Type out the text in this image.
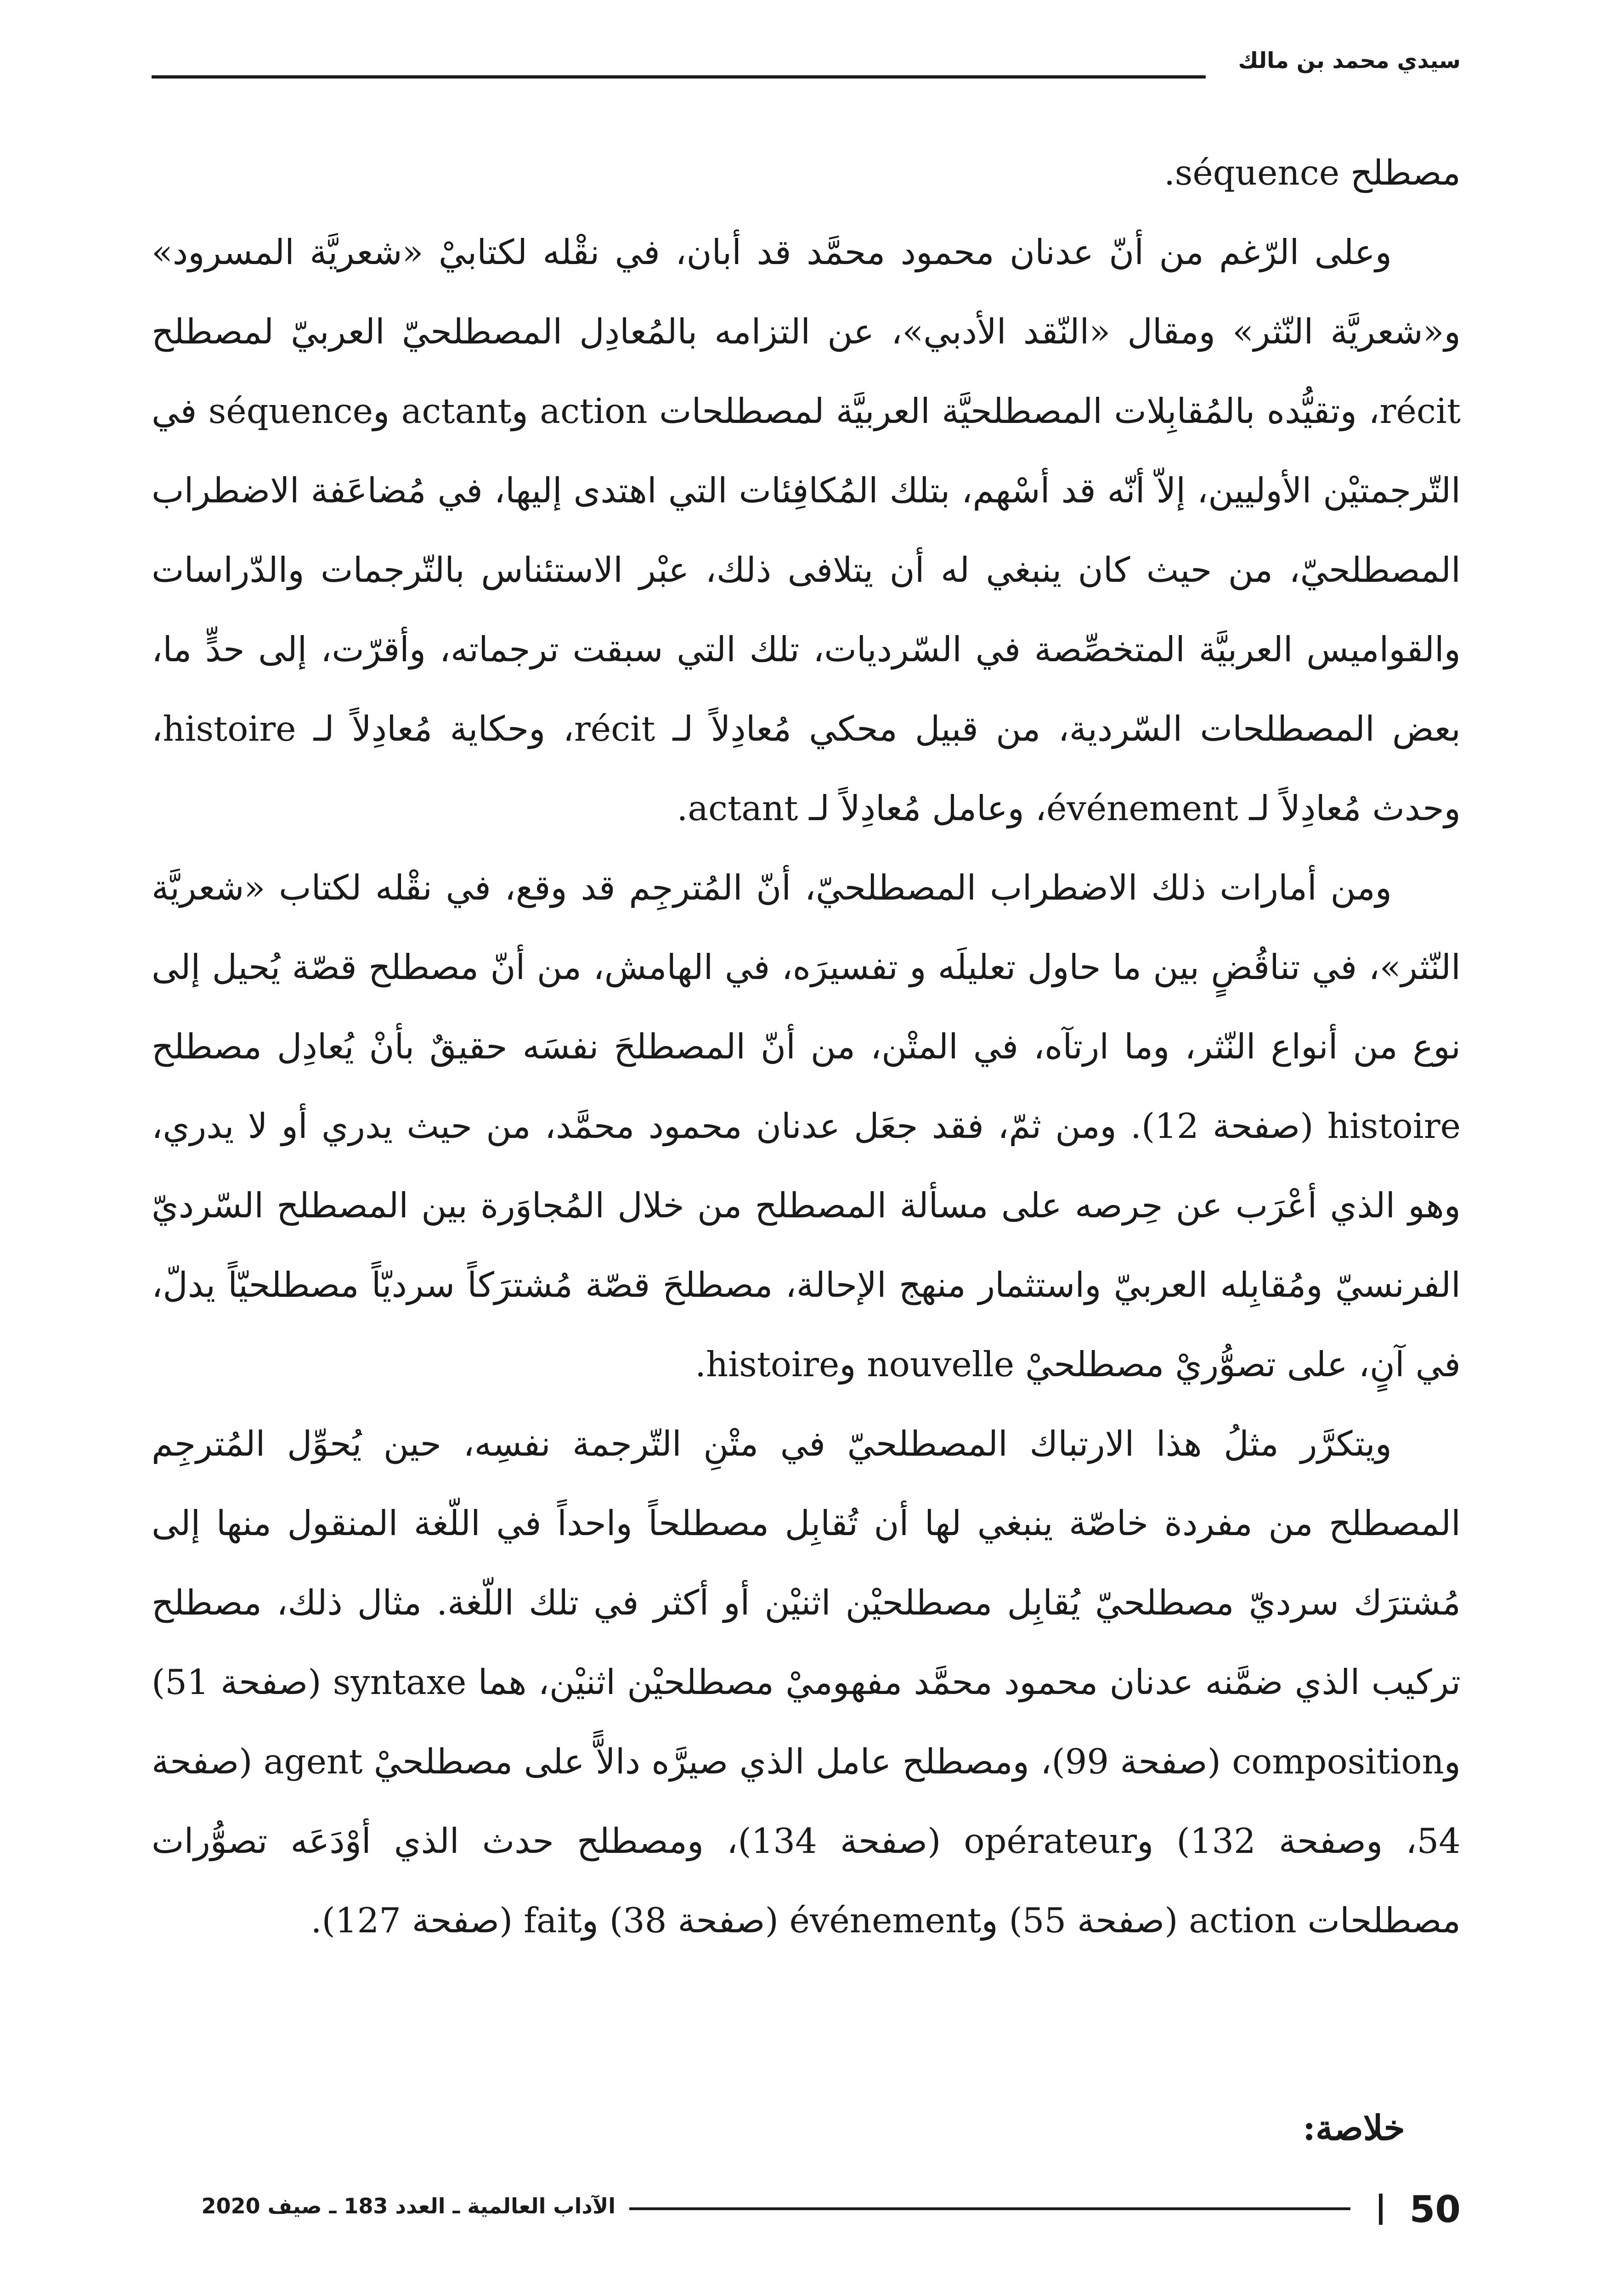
سيدي محمد بن مالك

مصطلح séquence.

وعلى الرّغم من أنّ عدنان محمود محمَّد قد أبان، في نقْله لكتابيْ «شعريَّة المسرود» و«شعريَّة النّثر» ومقال «النّقد الأدبي»، عن التزامه بالمُعادِل المصطلحيّ العربيّ لمصطلح récit، وتقيُّده بالمُقابِلات المصطلحيَّة العربيَّة لمصطلحات action وactant وséquence في التّرجمتيْن الأوليين، إلاّ أنّه قد أسْهم، بتلك المُكافِئات التي اهتدى إليها، في مُضاعَفة الاضطراب المصطلحيّ، من حيث كان ينبغي له أن يتلافى ذلك، عبْر الاستئناس بالتّرجمات والدّراسات والقواميس العربيَّة المتخصِّصة في السّرديات، تلك التي سبقت ترجماته، وأقرّت، إلى حدٍّ ما، بعض المصطلحات السّردية، من قبيل محكي مُعادِلاً لـ récit، وحكاية مُعادِلاً لـ histoire، وحدث مُعادِلاً لـ événement، وعامل مُعادِلاً لـ actant.

ومن أمارات ذلك الاضطراب المصطلحيّ، أنّ المُترجِم قد وقع، في نقْله لكتاب «شعريَّة النّثر»، في تناقُضٍ بين ما حاول تعليلَه و تفسيرَه، في الهامش، من أنّ مصطلح قصّة يُحيل إلى نوع من أنواع النّثر، وما ارتآه، في المتْن، من أنّ المصطلحَ نفسَه حقيقٌ بأنْ يُعادِل مصطلح histoire (صفحة 12). ومن ثمّ، فقد جعَل عدنان محمود محمَّد، من حيث يدري أو لا يدري، وهو الذي أعْرَب عن حِرصه على مسألة المصطلح من خلال المُجاوَرة بين المصطلح السّرديّ الفرنسيّ ومُقابِله العربيّ واستثمار منهج الإحالة، مصطلحَ قصّة مُشترَكاً سرديّاً مصطلحيّاً يدلّ، في آنٍ، على تصوُّريْ مصطلحيْ nouvelle وhistoire.

ويتكرَّر مثلُ هذا الارتباك المصطلحيّ في متْنِ التّرجمة نفسِه، حين يُحوِّل المُترجِم المصطلح من مفردة خاصّة ينبغي لها أن تُقابِل مصطلحاً واحداً في اللّغة المنقول منها إلى مُشترَك سرديّ مصطلحيّ يُقابِل مصطلحيْن اثنيْن أو أكثر في تلك اللّغة. مثال ذلك، مصطلح تركيب الذي ضمَّنه عدنان محمود محمَّد مفهوميْ مصطلحيْن اثنيْن، هما syntaxe (صفحة 51) وcomposition (صفحة 99)، ومصطلح عامل الذي صيرَّه دالاًّ على مصطلحيْ agent (صفحة 54، وصفحة 132) وopérateur (صفحة 134)، ومصطلح حدث الذي أوْدَعَه تصوُّرات مصطلحات action (صفحة 55) وévénement (صفحة 38) وfait (صفحة 127).

خلاصة:
50
الآداب العالمية ـ العدد 183 ـ صيف 2020
